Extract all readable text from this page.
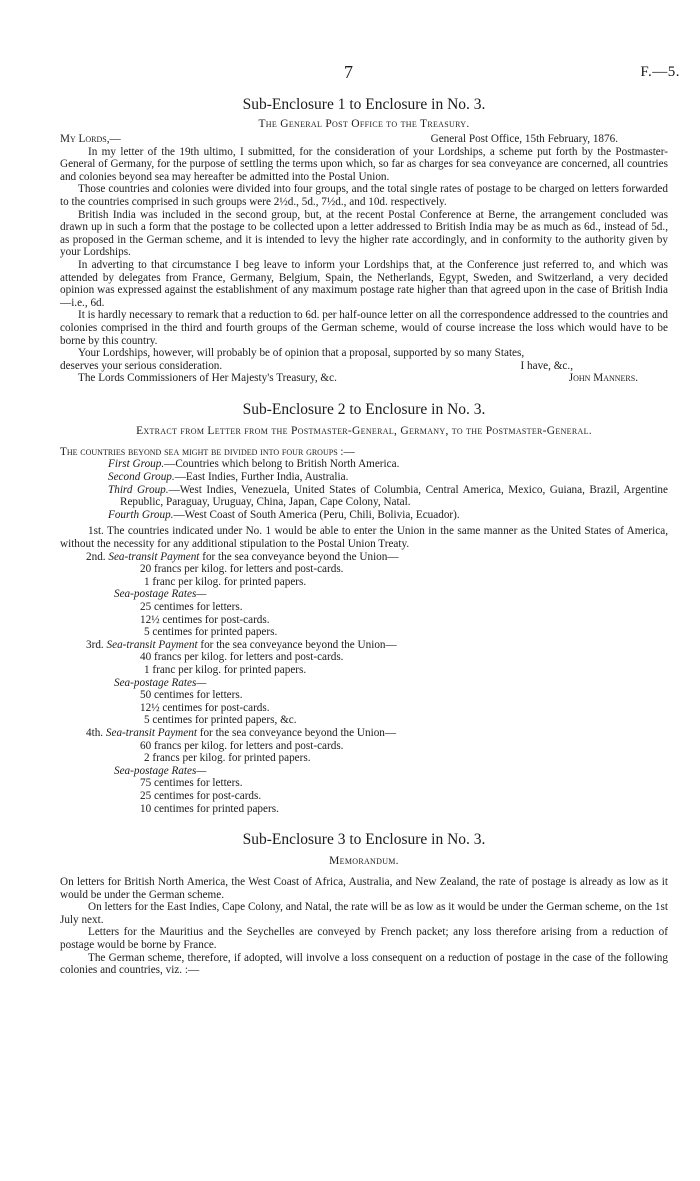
7	F.—5.

Sub-Enclosure 1 to Enclosure in No. 3.

The General Post Office to the Treasury.

My Lords,—	General Post Office, 15th February, 1876.

In my letter of the 19th ultimo, I submitted, for the consideration of your Lordships, a scheme put forth by the Postmaster-General of Germany, for the purpose of settling the terms upon which, so far as charges for sea conveyance are concerned, all countries and colonies beyond sea may hereafter be admitted into the Postal Union.

Those countries and colonies were divided into four groups, and the total single rates of postage to be charged on letters forwarded to the countries comprised in such groups were 2½d., 5d., 7½d., and 10d. respectively.

British India was included in the second group, but, at the recent Postal Conference at Berne, the arrangement concluded was drawn up in such a form that the postage to be collected upon a letter addressed to British India may be as much as 6d., instead of 5d., as proposed in the German scheme, and it is intended to levy the higher rate accordingly, and in conformity to the authority given by your Lordships.

In adverting to that circumstance I beg leave to inform your Lordships that, at the Conference just referred to, and which was attended by delegates from France, Germany, Belgium, Spain, the Netherlands, Egypt, Sweden, and Switzerland, a very decided opinion was expressed against the establishment of any maximum postage rate higher than that agreed upon in the case of British India—i.e., 6d.

It is hardly necessary to remark that a reduction to 6d. per half-ounce letter on all the correspondence addressed to the countries and colonies comprised in the third and fourth groups of the German scheme, would of course increase the loss which would have to be borne by this country.

Your Lordships, however, will probably be of opinion that a proposal, supported by so many States,

deserves your serious consideration.	I have, &c.,
The Lords Commissioners of Her Majesty's Treasury, &c.	John Manners.

Sub-Enclosure 2 to Enclosure in No. 3.

Extract from Letter from the Postmaster-General, Germany, to the Postmaster-General.

The countries beyond sea might be divided into four groups :—

First Group.—Countries which belong to British North America.

Second Group.—East Indies, Further India, Australia.

Third Group.—West Indies, Venezuela, United States of Columbia, Central America, Mexico, Guiana, Brazil, Argentine Republic, Paraguay, Uruguay, China, Japan, Cape Colony, Natal.

Fourth Group.—West Coast of South America (Peru, Chili, Bolivia, Ecuador).

1st. The countries indicated under No. 1 would be able to enter the Union in the same manner as the United States of America, without the necessity for any additional stipulation to the Postal Union Treaty.

2nd. Sea-transit Payment for the sea conveyance beyond the Union—

20 francs per kilog. for letters and post-cards.

1 franc per kilog. for printed papers.

Sea-postage Rates—

25 centimes for letters.

12½ centimes for post-cards.

5 centimes for printed papers.

3rd. Sea-transit Payment for the sea conveyance beyond the Union—

40 francs per kilog. for letters and post-cards.

1 franc per kilog. for printed papers.

Sea-postage Rates—

50 centimes for letters.

12½ centimes for post-cards.

5 centimes for printed papers, &c.

4th. Sea-transit Payment for the sea conveyance beyond the Union—

60 francs per kilog. for letters and post-cards.

2 francs per kilog. for printed papers.

Sea-postage Rates—

75 centimes for letters.

25 centimes for post-cards.

10 centimes for printed papers.

Sub-Enclosure 3 to Enclosure in No. 3.

Memorandum.

On letters for British North America, the West Coast of Africa, Australia, and New Zealand, the rate of postage is already as low as it would be under the German scheme.

On letters for the East Indies, Cape Colony, and Natal, the rate will be as low as it would be under the German scheme, on the 1st July next.

Letters for the Mauritius and the Seychelles are conveyed by French packet; any loss therefore arising from a reduction of postage would be borne by France.

The German scheme, therefore, if adopted, will involve a loss consequent on a reduction of postage in the case of the following colonies and countries, viz. :—
